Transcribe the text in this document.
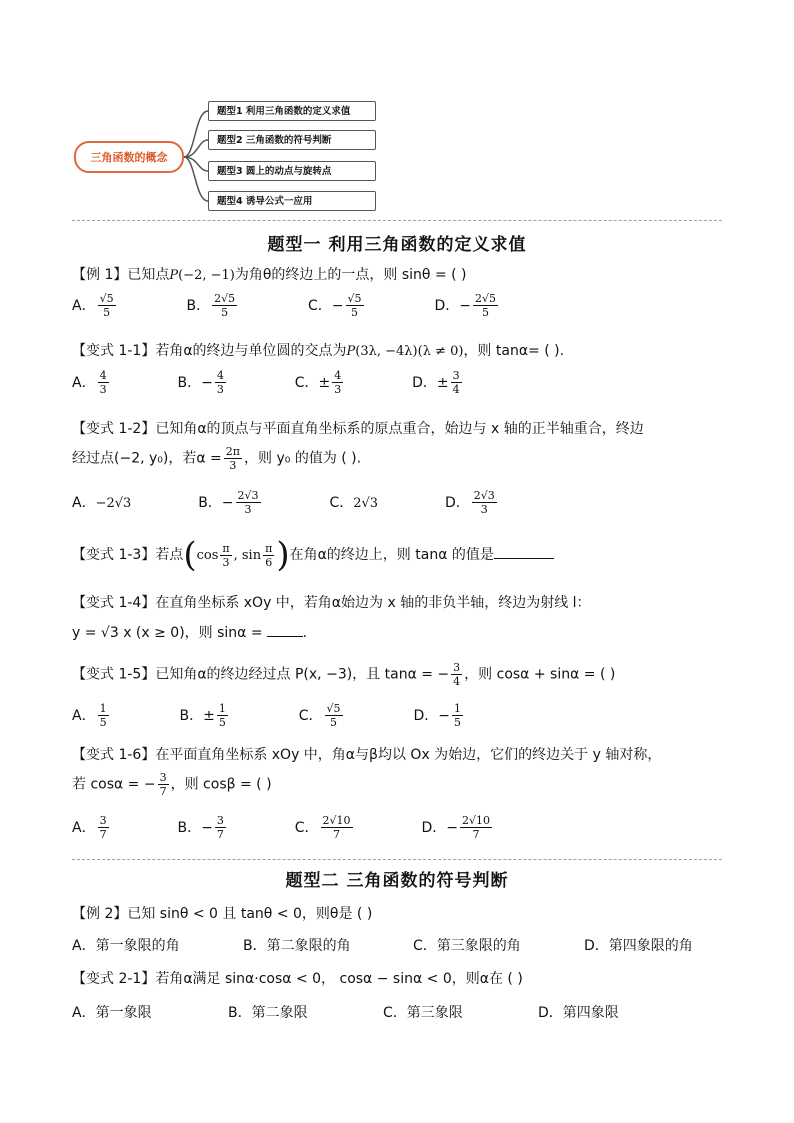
三角函数的概念
题型1 利用三角函数的定义求值
题型2 三角函数的符号判断
题型3 圆上的动点与旋转点
题型4 诱导公式一应用
题型一 利用三角函数的定义求值
【例 1】已知点P(−2, −1)为角θ的终边上的一点，则 sinθ = ( )
A． $\frac{√5}{5}$	B． $\frac{2√5}{5}$	C．− $\frac{√5}{5}$	D．− $\frac{2√5}{5}$
【变式 1-1】若角α的终边与单位圆的交点为P(3λ, −4λ)(λ ≠ 0)，则 tanα= ( ).
A． $\frac{4}{3}$	B．− $\frac{4}{3}$	C．± $\frac{4}{3}$	D．± $\frac{3}{4}$
【变式 1-2】已知角α的顶点与平面直角坐标系的原点重合，始边与 x 轴的正半轴重合，终边
经过点(−2, y₀)，若$\alpha = \frac{2\pi}{3}$ ，则 y₀ 的值为 ( ).
A．−2√3	B．− $\frac{2√3}{3}$	C．2√3	D． $\frac{2√3}{3}$
【变式 1-3】若点($\cos \frac{\pi}{3}$ , $\sin \frac{\pi}{6}$ )在角α的终边上，则 tanα 的值是
【变式 1-4】在直角坐标系 xOy 中，若角α始边为 x 轴的非负半轴，终边为射线 l：
y = √3 x (x ≥ 0)，则 sinα =	.
【变式 1-5】已知角α的终边经过点 P(x, −3)，且 tanα = − $\frac{3}{4}$ ，则 cosα + sinα = ( )
A． $\frac{1}{5}$	B．± $\frac{1}{5}$	C． $\frac{√5}{5}$	D．− $\frac{1}{5}$
【变式 1-6】在平面直角坐标系 xOy 中，角α与β均以 Ox 为始边，它们的终边关于 y 轴对称，
若 cosα = − $\frac{3}{7}$ ，则 cosβ = ( )
A． $\frac{3}{7}$	B．− $\frac{3}{7}$	C． $\frac{2√10}{7}$	D．− $\frac{2√10}{7}$
题型二 三角函数的符号判断
【例 2】已知 sinθ < 0 且 tanθ < 0，则θ是 ( )
A．第一象限的角	B．第二象限的角	C．第三象限的角	D．第四象限的角
【变式 2-1】若角α满足 sinα·cosα < 0， cosα − sinα < 0，则α在 ( )
A．第一象限	B．第二象限	C．第三象限	D．第四象限
